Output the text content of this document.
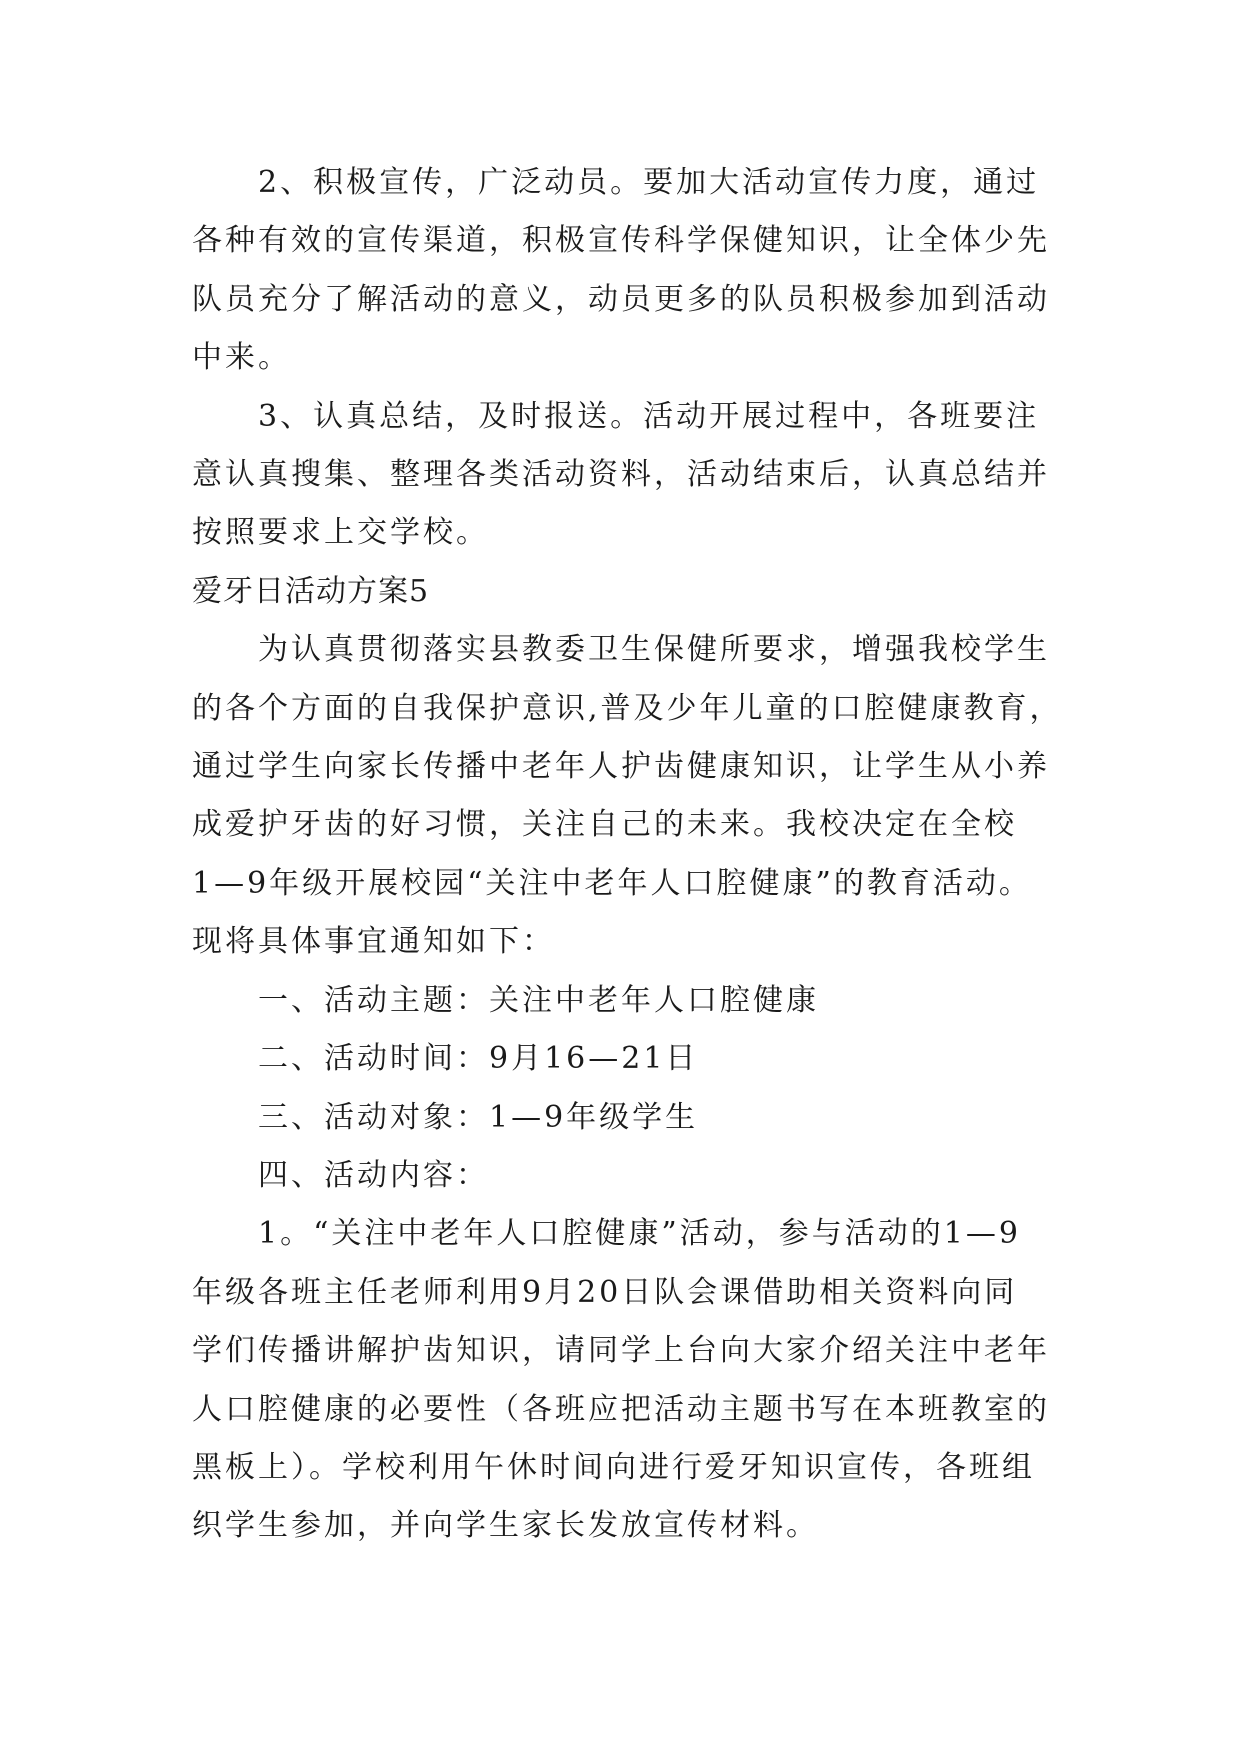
　　2、积极宣传，广泛动员。要加大活动宣传力度，通过

各种有效的宣传渠道，积极宣传科学保健知识，让全体少先

队员充分了解活动的意义，动员更多的队员积极参加到活动

中来。

　　3、认真总结，及时报送。活动开展过程中，各班要注

意认真搜集、整理各类活动资料，活动结束后，认真总结并

按照要求上交学校。

爱牙日活动方案5

　　为认真贯彻落实县教委卫生保健所要求，增强我校学生

的各个方面的自我保护意识,普及少年儿童的口腔健康教育，

通过学生向家长传播中老年人护齿健康知识，让学生从小养

成爱护牙齿的好习惯，关注自己的未来。我校决定在全校

1—9年级开展校园“关注中老年人口腔健康”的教育活动。

现将具体事宜通知如下：

　　一、活动主题：关注中老年人口腔健康

　　二、活动时间：9月16—21日

　　三、活动对象：1—9年级学生

　　四、活动内容：

　　1。“关注中老年人口腔健康”活动，参与活动的1—9

年级各班主任老师利用9月20日队会课借助相关资料向同

学们传播讲解护齿知识，请同学上台向大家介绍关注中老年

人口腔健康的必要性（各班应把活动主题书写在本班教室的

黑板上）。学校利用午休时间向进行爱牙知识宣传，各班组

织学生参加，并向学生家长发放宣传材料。
